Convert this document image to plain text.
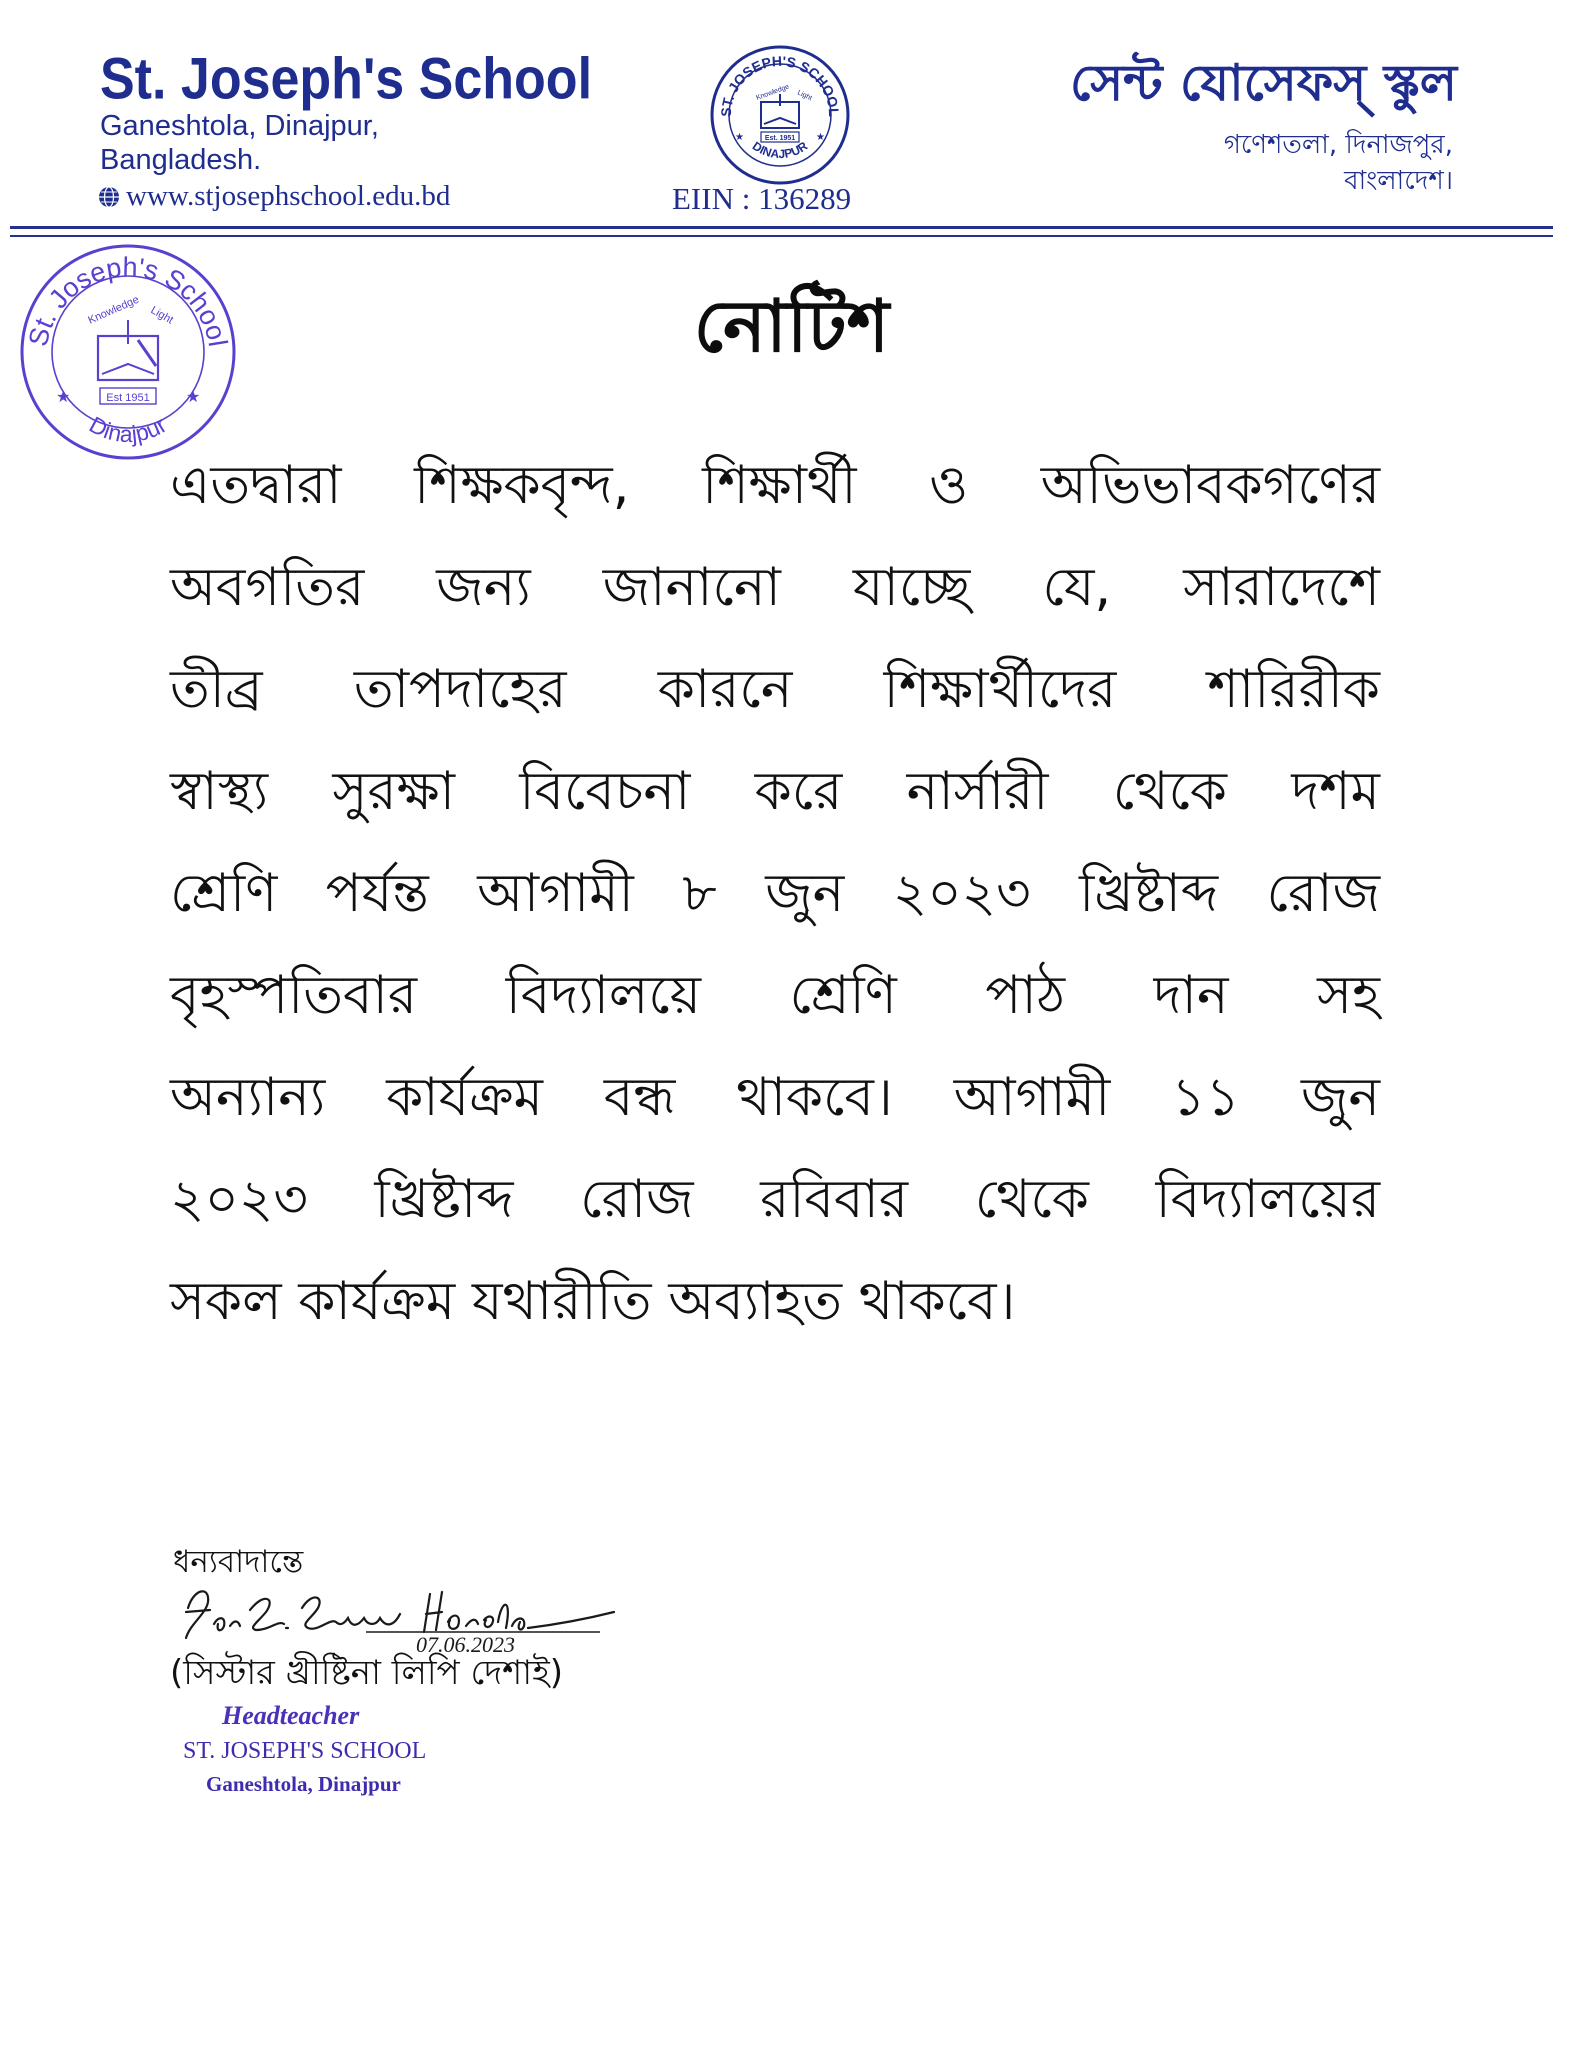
St. Joseph's School
Ganeshtola, Dinajpur,
Bangladesh.
www.stjosephschool.edu.bd
ST. JOSEPH'S SCHOOL
DINAJPUR
Knowledge Light
Est. 1951
★	★
EIIN : 136289
সেন্ট যোসেফস্ স্কুল
গণেশতলা, দিনাজপুর,
বাংলাদেশ।
St. Joseph's School
Dinajpur
Knowledge Light
Est 1951
★	★
নোটিশ
এতদ্বারা শিক্ষকবৃন্দ, শিক্ষার্থী ও অভিভাবকগণের
অবগতির জন্য জানানো যাচ্ছে যে, সারাদেশে
তীব্র তাপদাহের কারনে শিক্ষার্থীদের শারিরীক
স্বাস্থ্য সুরক্ষা বিবেচনা করে নার্সারী থেকে দশম
শ্রেণি পর্যন্ত আগামী ৮ জুন ২০২৩ খ্রিষ্টাব্দ রোজ
বৃহস্পতিবার বিদ্যালয়ে শ্রেণি পাঠ দান সহ
অন্যান্য কার্যক্রম বন্ধ থাকবে। আগামী ১১ জুন
২০২৩ খ্রিষ্টাব্দ রোজ রবিবার থেকে বিদ্যালয়ের
সকল কার্যক্রম যথারীতি অব্যাহত থাকবে।
ধন্যবাদান্তে
07.06.2023
(সিস্টার খ্রীষ্টিনা লিপি দেশাই)
Headteacher
ST. JOSEPH'S SCHOOL
Ganeshtola, Dinajpur
